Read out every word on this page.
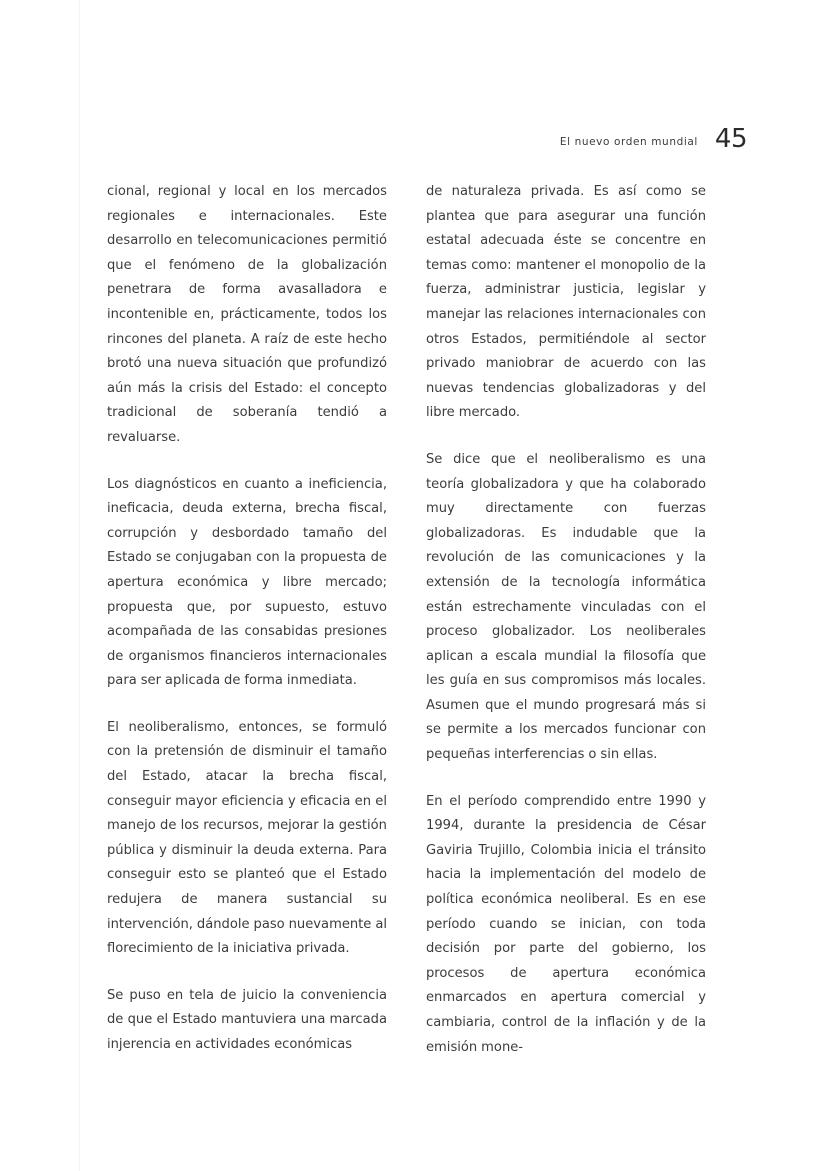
El nuevo orden mundial 45

cional, regional y local en los mercados regionales e internacionales. Este desarrollo en telecomunicaciones permitió que el fenómeno de la globalización penetrara de forma avasalladora e incontenible en, prácticamente, todos los rincones del planeta. A raíz de este hecho brotó una nueva situación que profundizó aún más la crisis del Estado: el concepto tradicional de soberanía tendió a revaluarse.

Los diagnósticos en cuanto a ineficiencia, ineficacia, deuda externa, brecha fiscal, corrupción y desbordado tamaño del Estado se conjugaban con la propuesta de apertura económica y libre mercado; propuesta que, por supuesto, estuvo acompañada de las consabidas presiones de organismos financieros internacionales para ser aplicada de forma inmediata.

El neoliberalismo, entonces, se formuló con la pretensión de disminuir el tamaño del Estado, atacar la brecha fiscal, conseguir mayor eficiencia y eficacia en el manejo de los recursos, mejorar la gestión pública y disminuir la deuda externa. Para conseguir esto se planteó que el Estado redujera de manera sustancial su intervención, dándole paso nuevamente al florecimiento de la iniciativa privada.

Se puso en tela de juicio la conveniencia de que el Estado mantuviera una marcada injerencia en actividades económicas

de naturaleza privada. Es así como se plantea que para asegurar una función estatal adecuada éste se concentre en temas como: mantener el monopolio de la fuerza, administrar justicia, legislar y manejar las relaciones internacionales con otros Estados, permitiéndole al sector privado maniobrar de acuerdo con las nuevas tendencias globalizadoras y del libre mercado.

Se dice que el neoliberalismo es una teoría globalizadora y que ha colaborado muy directamente con fuerzas globalizadoras. Es indudable que la revolución de las comunicaciones y la extensión de la tecnología informática están estrechamente vinculadas con el proceso globalizador. Los neoliberales aplican a escala mundial la filosofía que les guía en sus compromisos más locales. Asumen que el mundo progresará más si se permite a los mercados funcionar con pequeñas interferencias o sin ellas.

En el período comprendido entre 1990 y 1994, durante la presidencia de César Gaviria Trujillo, Colombia inicia el tránsito hacia la implementación del modelo de política económica neoliberal. Es en ese período cuando se inician, con toda decisión por parte del gobierno, los procesos de apertura económica enmarcados en apertura comercial y cambiaria, control de la inflación y de la emisión mone-
